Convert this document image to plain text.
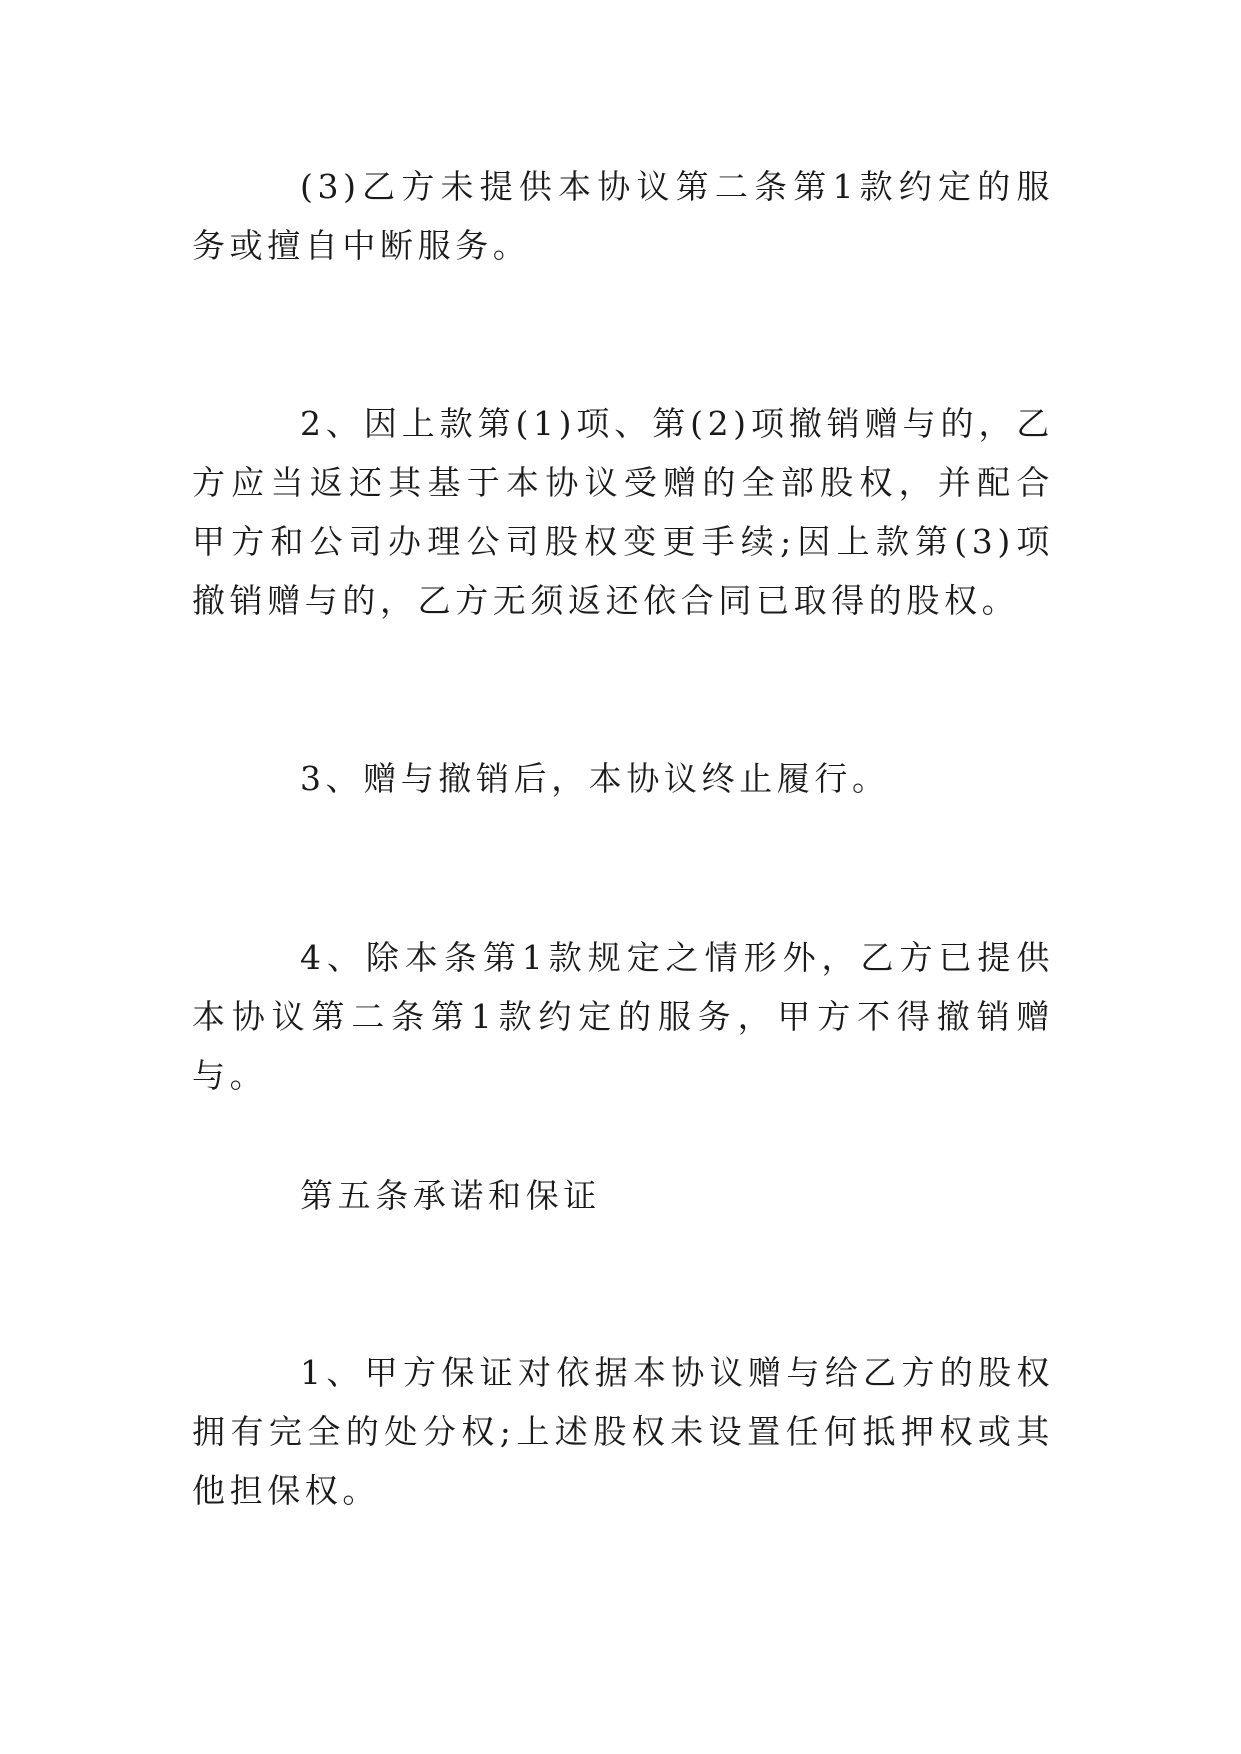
(3)乙方未提供本协议第二条第1款约定的服务或擅自中断服务。

2、因上款第(1)项、第(2)项撤销赠与的，乙方应当返还其基于本协议受赠的全部股权，并配合甲方和公司办理公司股权变更手续;因上款第(3)项撤销赠与的，乙方无须返还依合同已取得的股权。

3、赠与撤销后，本协议终止履行。

4、除本条第1款规定之情形外，乙方已提供本协议第二条第1款约定的服务，甲方不得撤销赠与。

第五条承诺和保证

1、甲方保证对依据本协议赠与给乙方的股权拥有完全的处分权;上述股权未设置任何抵押权或其他担保权。
